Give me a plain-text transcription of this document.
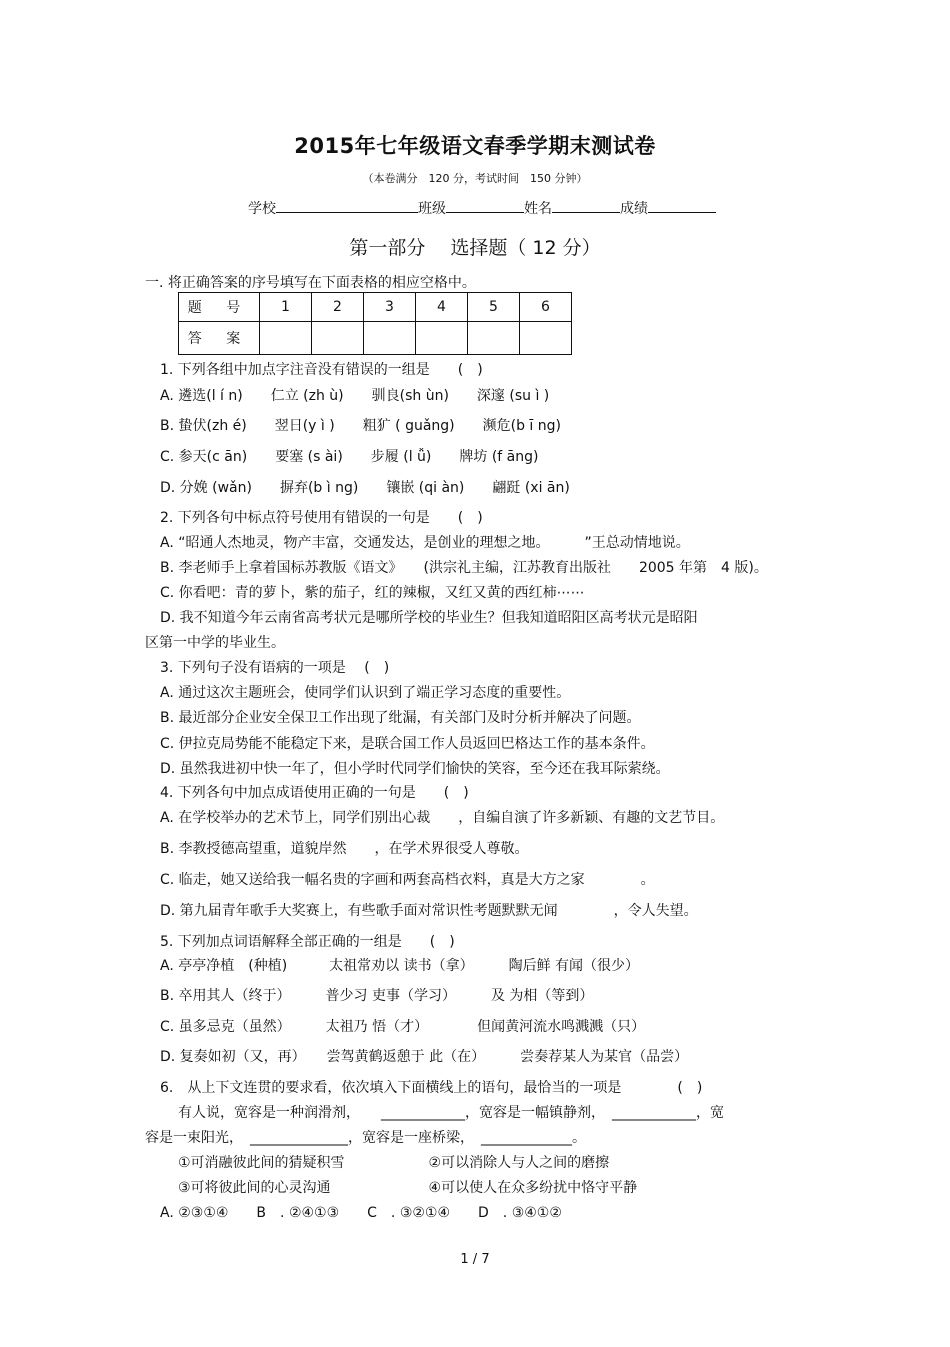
2015年七年级语文春季学期末测试卷
（本卷满分　120 分，考试时间　150 分钟）
学校	班级	姓名	成绩
第一部分　 选择题（ 12 分）
一. 将正确答案的序号填写在下面表格的相应空格中。
题 号	1	2	3	4	5	6
答 案						
1. 下列各组中加点字注音没有错误的一组是　　(　)
A. 遴选(l í n)　　仁立 (zh ù)　　驯良(sh ùn)　　深邃 (su ì )
B. 蛰伏(zh é)　　翌日(y ì )　　粗犷 ( guǎng)　　濒危(b ī ng)
C. 参天(c ān)　　要塞 (s ài)　　步履 (l ǚ)　　牌坊 (f āng)
D. 分娩 (wǎn)　　摒弃(b ì ng)　　镶嵌 (qi àn)　　翩跹 (xi ān)
2. 下列各句中标点符号使用有错误的一句是　　(　)
A. “昭通人杰地灵，物产丰富，交通发达，是创业的理想之地。　　　”王总动情地说。
B. 李老师手上拿着国标苏教版《语文》　　(洪宗礼主编，江苏教育出版社　　2005 年第　4 版)。
C. 你看吧：青的萝卜，紫的茄子，红的辣椒，又红又黄的西红柿⋯⋯
D. 我不知道今年云南省高考状元是哪所学校的毕业生？但我知道昭阳区高考状元是昭阳
区第一中学的毕业生。
3. 下列句子没有语病的一项是　 (　)
A. 通过这次主题班会，使同学们认识到了端正学习态度的重要性。
B. 最近部分企业安全保卫工作出现了纰漏，有关部门及时分析并解决了问题。
C. 伊拉克局势能不能稳定下来，是联合国工作人员返回巴格达工作的基本条件。
D. 虽然我进初中快一年了，但小学时代同学们愉快的笑容，至今还在我耳际萦绕。
4. 下列各句中加点成语使用正确的一句是　　(　)
A. 在学校举办的艺术节上，同学们别出心裁　　，自编自演了许多新颖、有趣的文艺节目。
B. 李教授德高望重，道貌岸然　　，在学术界很受人尊敬。
C. 临走，她又送给我一幅名贵的字画和两套高档衣料，真是大方之家　　　　。
D. 第九届青年歌手大奖赛上，有些歌手面对常识性考题默默无闻　　　　，令人失望。
5. 下列加点词语解释全部正确的一组是　　(　)
A. 亭亭净植　(种植)　　　太祖常劝以 读书（拿）　　　陶后鲜 有闻（很少）
B. 卒用其人（终于）　　　普少习 吏事（学习）　　　及 为相（等到）
C. 虽多忌克（虽然）　　　太祖乃 悟（才）　　　　但闻黄河流水鸣溅溅（只）
D. 复奏如初（又，再）　　尝驾黄鹤返憩于 此（在）　　　尝奏荐某人为某官（品尝）
6.　从上下文连贯的要求看，依次填入下面横线上的语句，最恰当的一项是　　　　(　)
有人说，宽容是一种润滑剂，　　____________，宽容是一幅镇静剂，　____________，宽
容是一束阳光，　______________，宽容是一座桥梁，　_____________。
①可消融彼此间的猜疑积雪　　　　　　②可以消除人与人之间的磨擦
③可将彼此间的心灵沟通　　　　　　　④可以使人在众多纷扰中恪守平静
A. ②③①④　　B　. ②④①③　　C　. ③②①④　　D　. ③④①②
1 / 7
